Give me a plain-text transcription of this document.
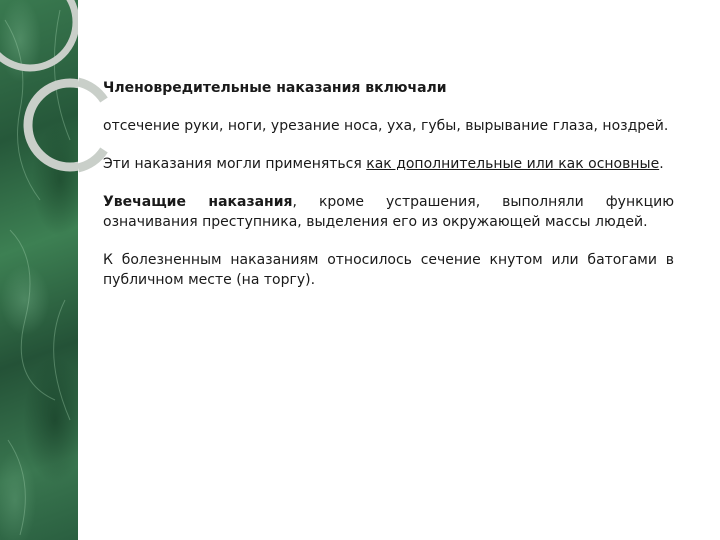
Членовредительные наказания включали

отсечение руки, ноги, урезание носа, уха, губы, вырывание глаза, ноздрей.

Эти наказания могли применяться как дополнительные или как основные.

Увечащие наказания, кроме устрашения, выполняли функцию означивания преступника, выделения его из окружающей массы людей.

К болезненным наказаниям относилось сечение кнутом или батогами в публичном месте (на торгу).
